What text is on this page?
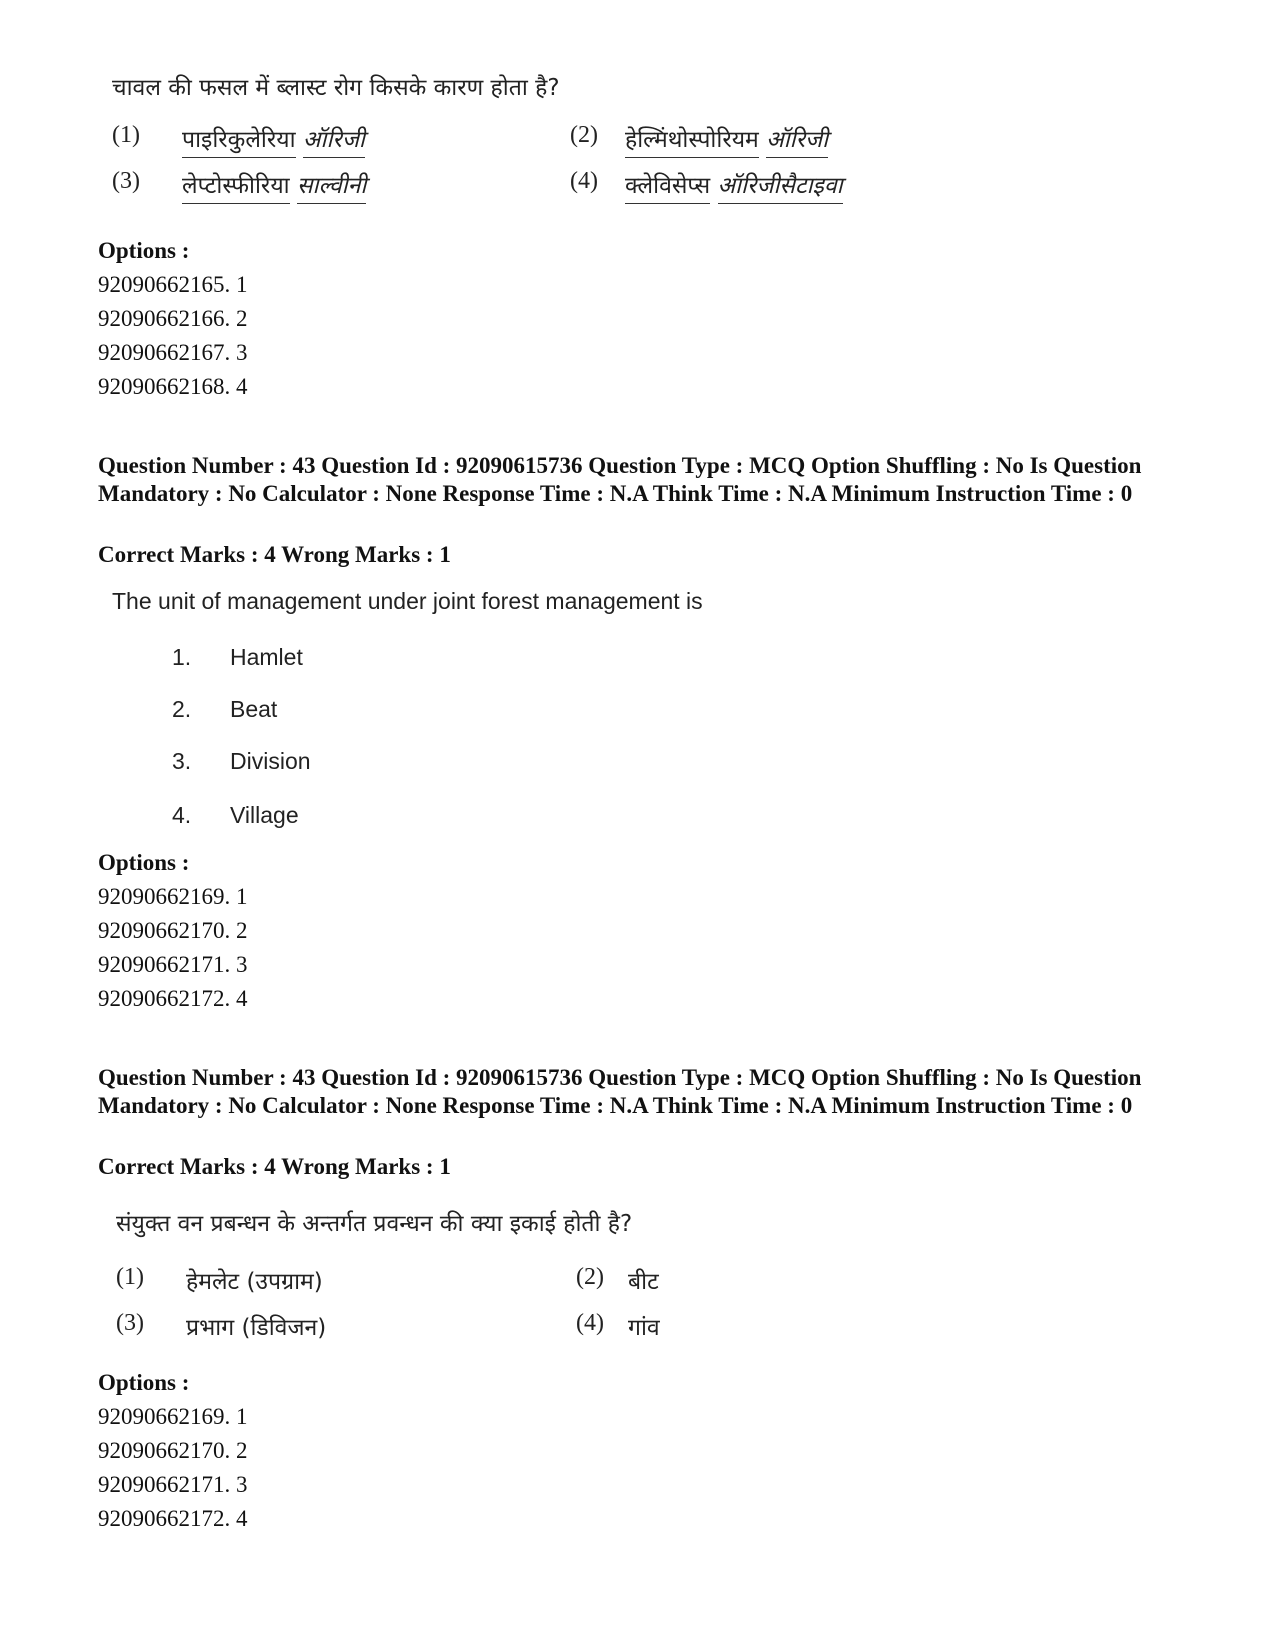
चावल की फसल में ब्लास्ट रोग किसके कारण होता है?
(1) पाइरिकुलेरिया ऑरिजी	(2) हेल्मिंथोस्पोरियम ऑरिजी
(3) लेप्टोस्फीरिया साल्वीनी	(4) क्लेविसेप्स ऑरिजीसैटाइवा
Options :
92090662165. 1
92090662166. 2
92090662167. 3
92090662168. 4
Question Number : 43 Question Id : 92090615736 Question Type : MCQ Option Shuffling : No Is Question Mandatory : No Calculator : None Response Time : N.A Think Time : N.A Minimum Instruction Time : 0
Correct Marks : 4 Wrong Marks : 1
The unit of management under joint forest management is
1. Hamlet
2. Beat
3. Division
4. Village
Options :
92090662169. 1
92090662170. 2
92090662171. 3
92090662172. 4
Question Number : 43 Question Id : 92090615736 Question Type : MCQ Option Shuffling : No Is Question Mandatory : No Calculator : None Response Time : N.A Think Time : N.A Minimum Instruction Time : 0
Correct Marks : 4 Wrong Marks : 1
संयुक्त वन प्रबन्धन के अन्तर्गत प्रवन्धन की क्या इकाई होती है?
(1) हेमलेट (उपग्राम)	(2) बीट
(3) प्रभाग (डिविजन)	(4) गांव
Options :
92090662169. 1
92090662170. 2
92090662171. 3
92090662172. 4
